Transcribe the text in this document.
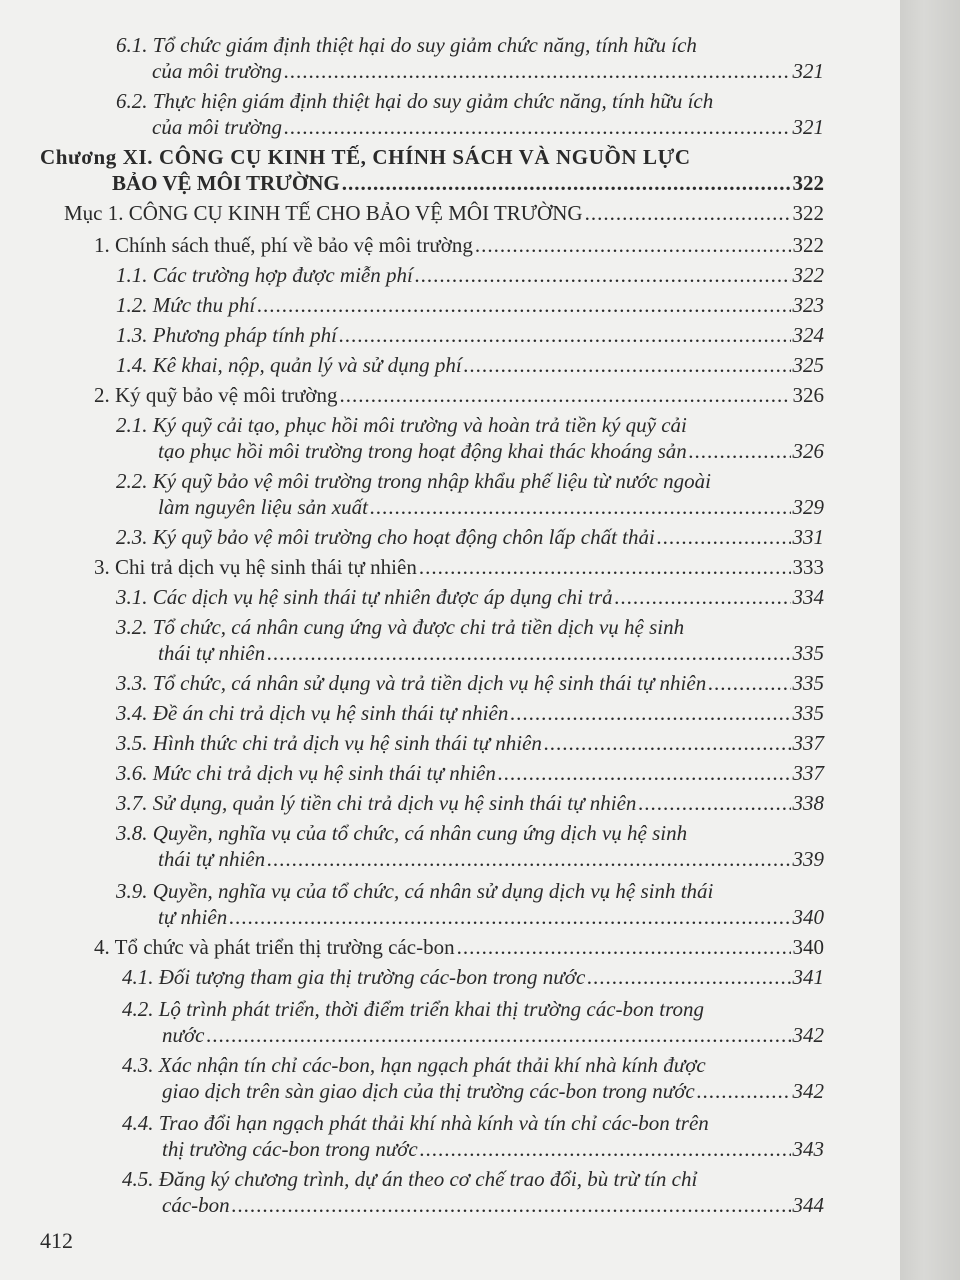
6.1. Tổ chức giám định thiệt hại do suy giảm chức năng, tính hữu ích
của môi trường .....	321
6.2. Thực hiện giám định thiệt hại do suy giảm chức năng, tính hữu ích
của môi trường .....	321
Chương XI. CÔNG CỤ KINH TẾ, CHÍNH SÁCH VÀ NGUỒN LỰC
BẢO VỆ MÔI TRƯỜNG .....	322
Mục 1. CÔNG CỤ KINH TẾ CHO BẢO VỆ MÔI TRƯỜNG .....	322
1. Chính sách thuế, phí về bảo vệ môi trường .....	322
1.1. Các trường hợp được miễn phí .....	322
1.2. Mức thu phí .....	323
1.3. Phương pháp tính phí .....	324
1.4. Kê khai, nộp, quản lý và sử dụng phí .....	325
2. Ký quỹ bảo vệ môi trường .....	326
2.1. Ký quỹ cải tạo, phục hồi môi trường và hoàn trả tiền ký quỹ cải
tạo phục hồi môi trường trong hoạt động khai thác khoáng sản .....	326
2.2. Ký quỹ bảo vệ môi trường trong nhập khẩu phế liệu từ nước ngoài
làm nguyên liệu sản xuất .....	329
2.3. Ký quỹ bảo vệ môi trường cho hoạt động chôn lấp chất thải .....	331
3. Chi trả dịch vụ hệ sinh thái tự nhiên .....	333
3.1. Các dịch vụ hệ sinh thái tự nhiên được áp dụng chi trả .....	334
3.2. Tổ chức, cá nhân cung ứng và được chi trả tiền dịch vụ hệ sinh
thái tự nhiên .....	335
3.3. Tổ chức, cá nhân sử dụng và trả tiền dịch vụ hệ sinh thái tự nhiên .....	335
3.4. Đề án chi trả dịch vụ hệ sinh thái tự nhiên .....	335
3.5. Hình thức chi trả dịch vụ hệ sinh thái tự nhiên .....	337
3.6. Mức chi trả dịch vụ hệ sinh thái tự nhiên .....	337
3.7. Sử dụng, quản lý tiền chi trả dịch vụ hệ sinh thái tự nhiên .....	338
3.8. Quyền, nghĩa vụ của tổ chức, cá nhân cung ứng dịch vụ hệ sinh
thái tự nhiên .....	339
3.9. Quyền, nghĩa vụ của tổ chức, cá nhân sử dụng dịch vụ hệ sinh thái
tự nhiên .....	340
4. Tổ chức và phát triển thị trường các-bon .....	340
4.1. Đối tượng tham gia thị trường các-bon trong nước .....	341
4.2. Lộ trình phát triển, thời điểm triển khai thị trường các-bon trong
nước .....	342
4.3. Xác nhận tín chỉ các-bon, hạn ngạch phát thải khí nhà kính được
giao dịch trên sàn giao dịch của thị trường các-bon trong nước .....	342
4.4. Trao đổi hạn ngạch phát thải khí nhà kính và tín chỉ các-bon trên
thị trường các-bon trong nước .....	343
4.5. Đăng ký chương trình, dự án theo cơ chế trao đổi, bù trừ tín chỉ
các-bon .....	344
412
